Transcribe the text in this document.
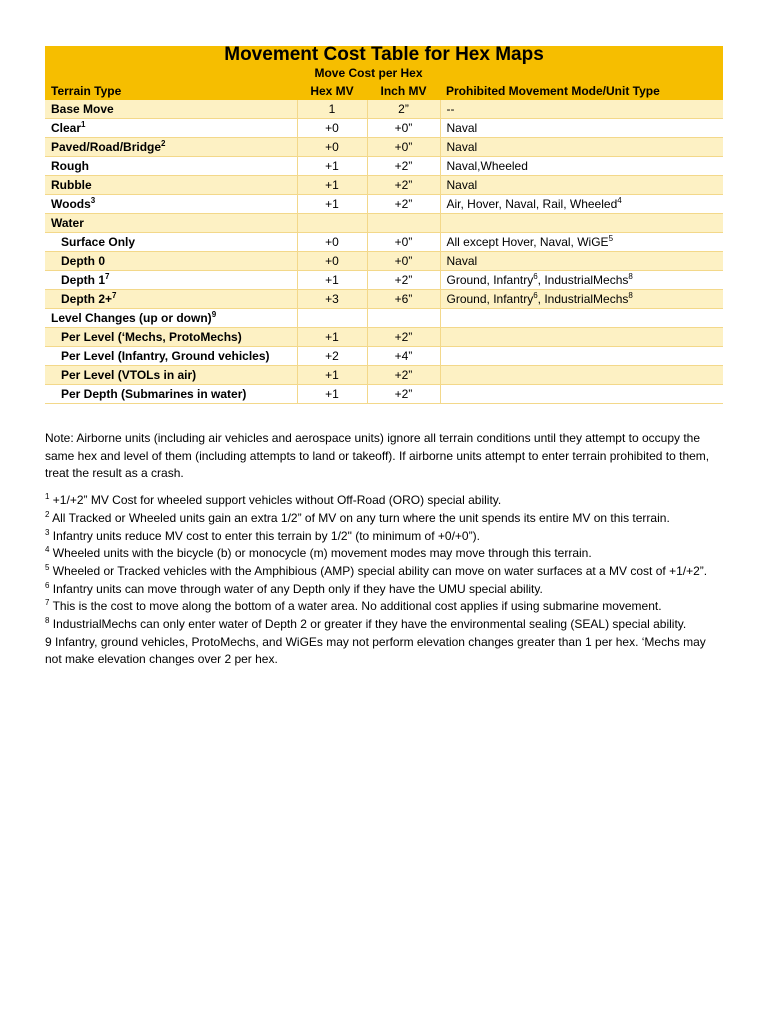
Movement Cost Table for Hex Maps			
	Move Cost per Hex		
Terrain Type	Hex MV	Inch MV	Prohibited Movement Mode/Unit Type
Base Move	1	2”	--
Clear$^1$	+0	+0”	Naval
Paved/Road/Bridge$^2$	+0	+0”	Naval
Rough	+1	+2”	Naval,Wheeled
Rubble	+1	+2”	Naval
Woods$^3$	+1	+2”	Air, Hover, Naval, Rail, Wheeled$^4$
Water			
Surface Only	+0	+0”	All except Hover, Naval, WiGE$^5$
Depth 0	+0	+0”	Naval
Depth $1^7$	+1	+2”	Ground, Infantry$^6$, IndustrialMechs$^8$
Depth 2+$^7$	+3	+6”	Ground, Infantry$^6$, IndustrialMechs$^8$
Level Changes (up or down)$^9$			
Per Level (‘Mechs, ProtoMechs)	+1	+2”	
Per Level (Infantry, Ground vehicles)	+2	+4”	
Per Level (VTOLs in air)	+1	+2”	
Per Depth (Submarines in water)	+1	+2”	

Note: Airborne units (including air vehicles and aerospace units) ignore all terrain conditions until they attempt to occupy the same hex and level of them (including attempts to land or takeoff). If airborne units attempt to enter terrain prohibited to them, treat the result as a crash.

$^1$ +1/+2” MV Cost for wheeled support vehicles without Off-Road (ORO) special ability.

$^2$ All Tracked or Wheeled units gain an extra 1/2” of MV on any turn where the unit spends its entire MV on this terrain.

$^3$ Infantry units reduce MV cost to enter this terrain by 1/2" (to minimum of +0/+0”).

$^4$ Wheeled units with the bicycle (b) or monocycle (m) movement modes may move through this terrain.

$^5$ Wheeled or Tracked vehicles with the Amphibious (AMP) special ability can move on water surfaces at a MV cost of +1/+2”.

$^6$ Infantry units can move through water of any Depth only if they have the UMU special ability.

$^7$ This is the cost to move along the bottom of a water area. No additional cost applies if using submarine movement.

$^8$ IndustrialMechs can only enter water of Depth 2 or greater if they have the environmental sealing (SEAL) special ability.

9 Infantry, ground vehicles, ProtoMechs, and WiGEs may not perform elevation changes greater than 1 per hex. ‘Mechs may not make elevation changes over 2 per hex.
